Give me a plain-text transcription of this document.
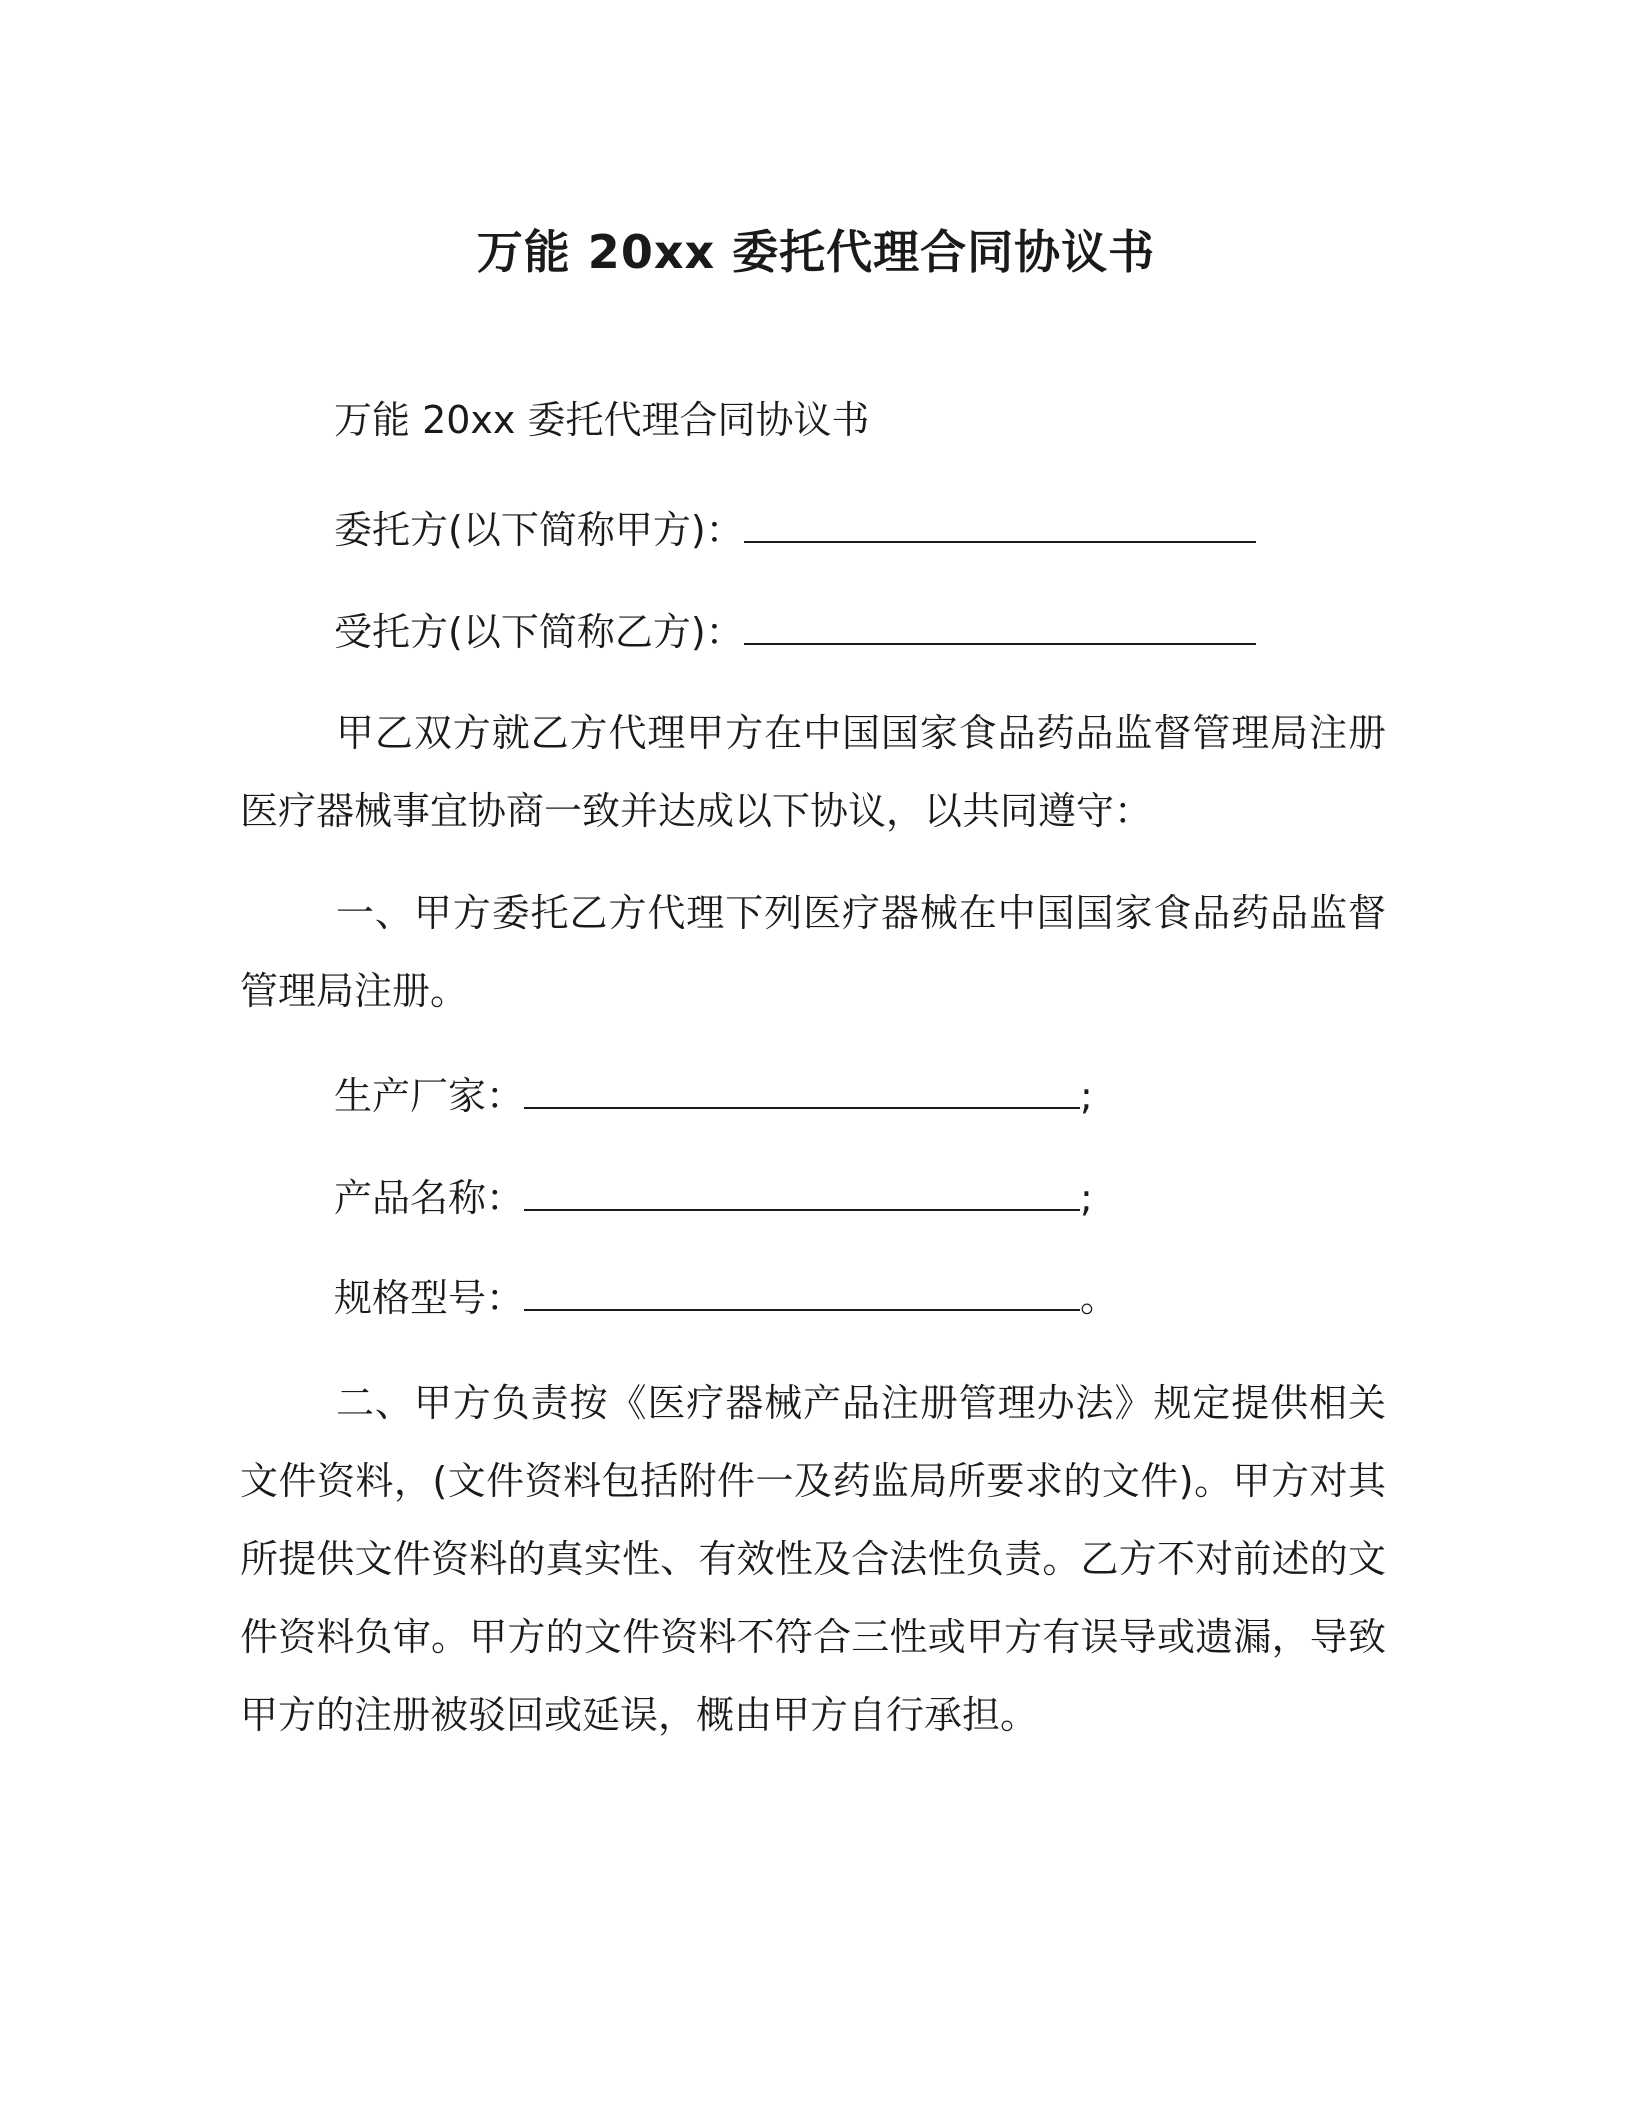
万能 20xx 委托代理合同协议书
万能 20xx 委托代理合同协议书
委托方(以下简称甲方)：
受托方(以下简称乙方)：
甲乙双方就乙方代理甲方在中国国家食品药品监督管理局注册医疗器械事宜协商一致并达成以下协议，以共同遵守：
一、甲方委托乙方代理下列医疗器械在中国国家食品药品监督管理局注册。
生产厂家：	;
产品名称：	;
规格型号：	。
二、甲方负责按《医疗器械产品注册管理办法》规定提供相关文件资料，(文件资料包括附件一及药监局所要求的文件)。甲方对其所提供文件资料的真实性、有效性及合法性负责。乙方不对前述的文件资料负审。甲方的文件资料不符合三性或甲方有误导或遗漏，导致甲方的注册被驳回或延误，概由甲方自行承担。
